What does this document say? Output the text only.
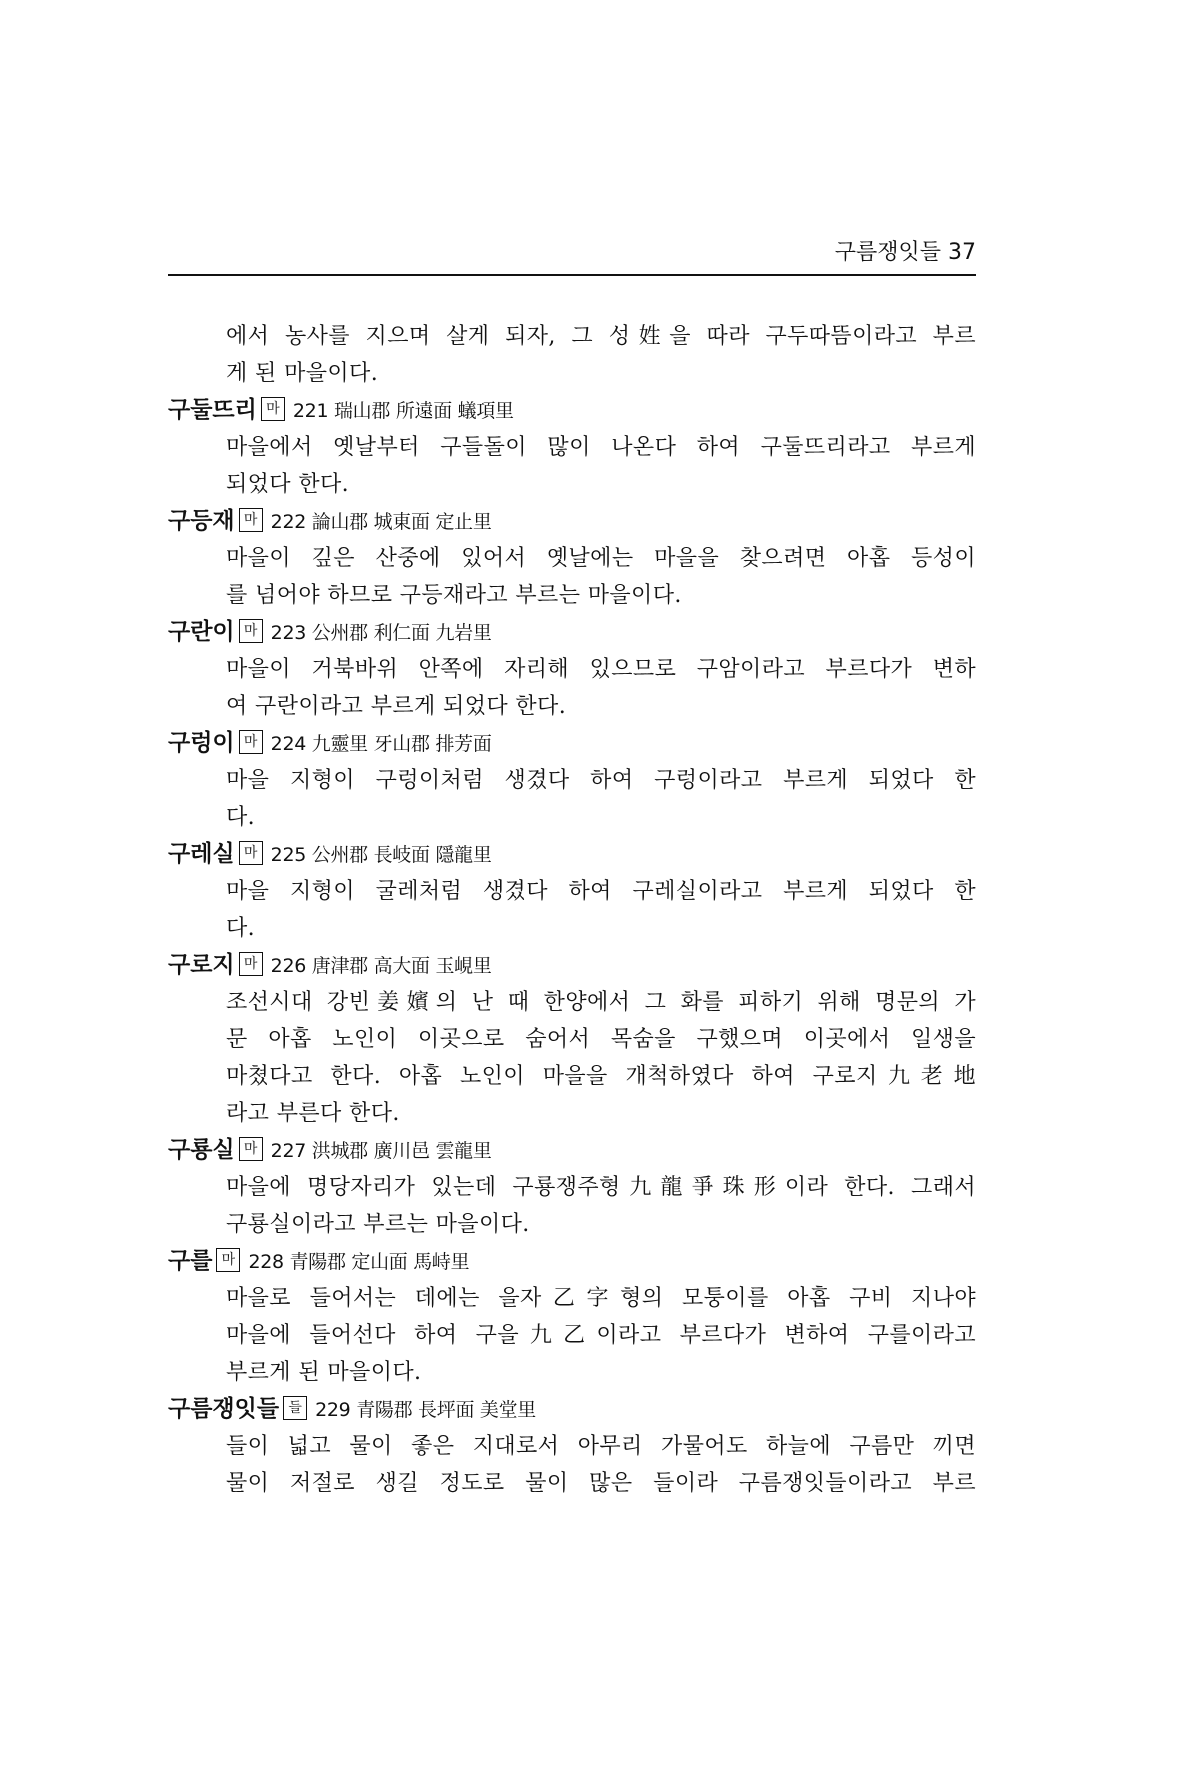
구름쟁잇들 37
에서 농사를 지으며 살게 되자, 그 성姓을 따라 구두따뜸이라고 부르
게 된 마을이다.
구둘뜨리 마 221 瑞山郡 所遠面 蟻項里
마을에서 옛날부터 구들돌이 많이 나온다 하여 구둘뜨리라고 부르게
되었다 한다.
구등재 마 222 論山郡 城東面 定止里
마을이 깊은 산중에 있어서 옛날에는 마을을 찾으려면 아홉 등성이
를 넘어야 하므로 구등재라고 부르는 마을이다.
구란이 마 223 公州郡 利仁面 九岩里
마을이 거북바위 안쪽에 자리해 있으므로 구암이라고 부르다가 변하
여 구란이라고 부르게 되었다 한다.
구렁이 마 224 九靈里 牙山郡 排芳面
마을 지형이 구렁이처럼 생겼다 하여 구렁이라고 부르게 되었다 한
다.
구레실 마 225 公州郡 長岐面 隱龍里
마을 지형이 굴레처럼 생겼다 하여 구레실이라고 부르게 되었다 한
다.
구로지 마 226 唐津郡 高大面 玉峴里
조선시대 강빈姜嬪의 난 때 한양에서 그 화를 피하기 위해 명문의 가
문 아홉 노인이 이곳으로 숨어서 목숨을 구했으며 이곳에서 일생을
마쳤다고 한다. 아홉 노인이 마을을 개척하였다 하여 구로지九老地
라고 부른다 한다.
구룡실 마 227 洪城郡 廣川邑 雲龍里
마을에 명당자리가 있는데 구룡쟁주형九龍爭珠形이라 한다. 그래서
구룡실이라고 부르는 마을이다.
구를 마 228 青陽郡 定山面 馬峙里
마을로 들어서는 데에는 을자乙字형의 모퉁이를 아홉 구비 지나야
마을에 들어선다 하여 구을九乙이라고 부르다가 변하여 구를이라고
부르게 된 마을이다.
구름쟁잇들 들 229 青陽郡 長坪面 美堂里
들이 넓고 물이 좋은 지대로서 아무리 가물어도 하늘에 구름만 끼면
물이 저절로 생길 정도로 물이 많은 들이라 구름쟁잇들이라고 부르
